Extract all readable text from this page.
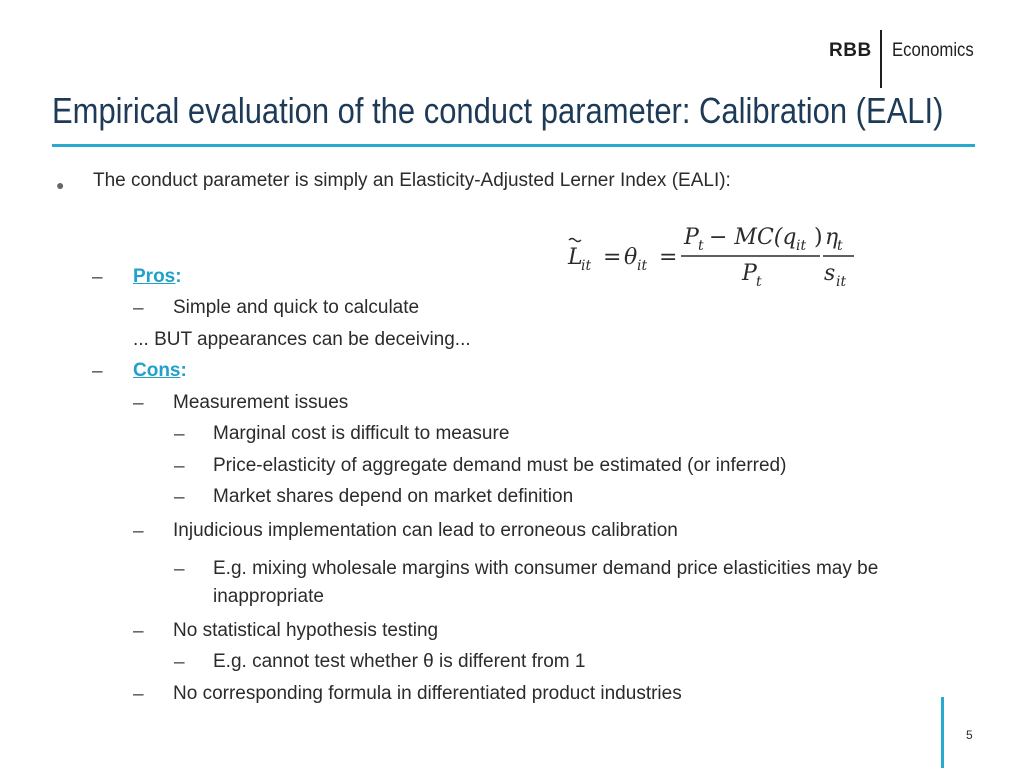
RBB Economics
Empirical evaluation of the conduct parameter: Calibration (EALI)
● The conduct parameter is simply an Elasticity-Adjusted Lerner Index (EALI):
L
it = θ it =
P t − MC(q it )
P t
η
t
s it
– Pros:
– Simple and quick to calculate
... BUT appearances can be deceiving...
– Cons:
– Measurement issues
– Marginal cost is difficult to measure
– Price-elasticity of aggregate demand must be estimated (or inferred)
– Market shares depend on market definition
– Injudicious implementation can lead to erroneous calibration
– E.g. mixing wholesale margins with consumer demand price elasticities may be
inappropriate
– No statistical hypothesis testing
– E.g. cannot test whether θ is different from 1
– No corresponding formula in differentiated product industries
5
